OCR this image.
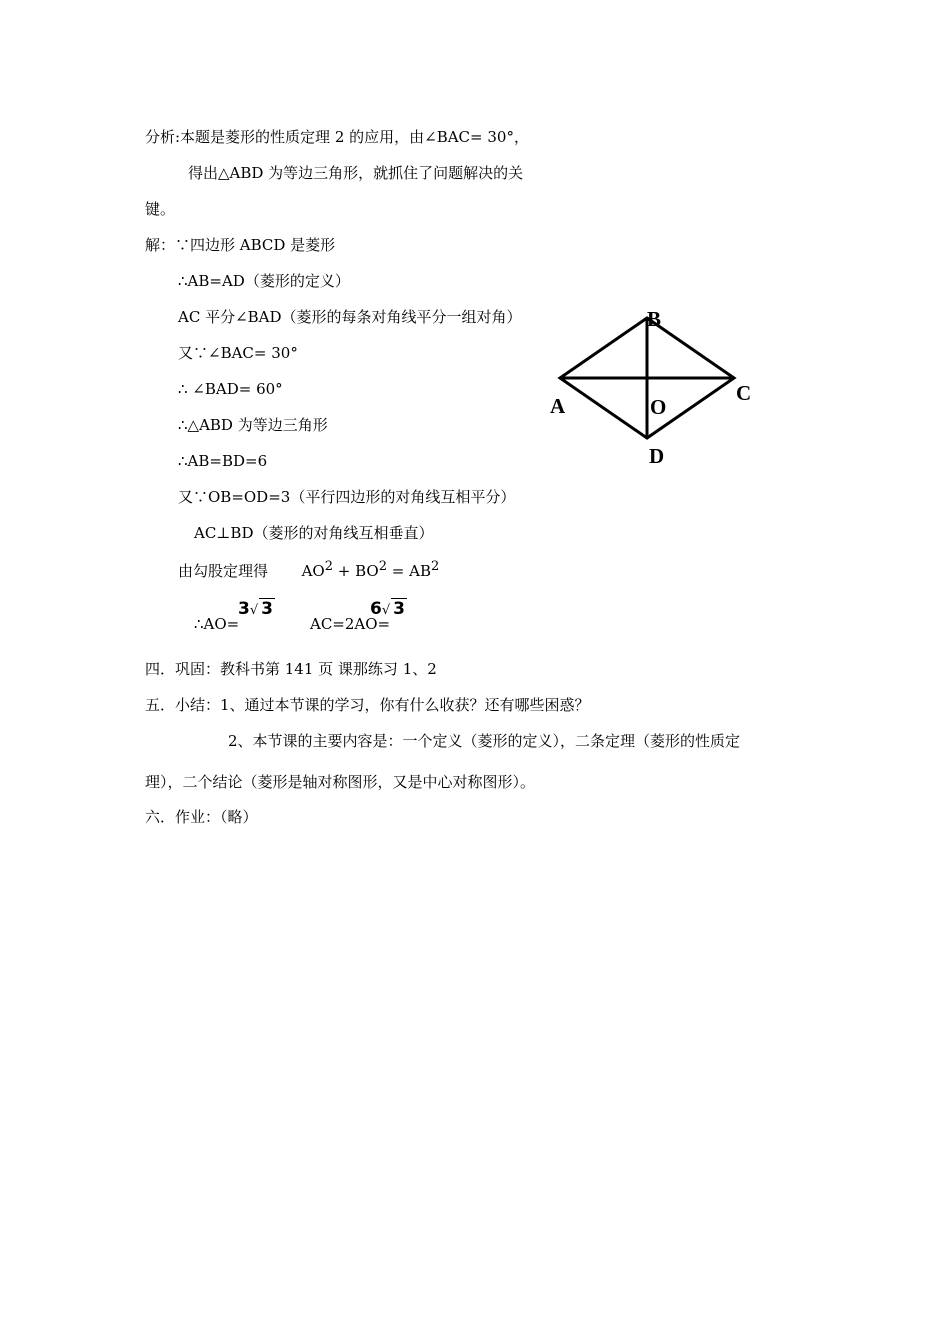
分析:本题是菱形的性质定理 2 的应用，由∠BAC= 30°，
得出△ABD 为等边三角形，就抓住了问题解决的关
键。
解：∵四边形 ABCD 是菱形
∴AB=AD（菱形的定义）
AC 平分∠BAD（菱形的每条对角线平分一组对角）
又∵∠BAC= 30°
∴ ∠BAD= 60°
∴△ABD 为等边三角形
∴AB=BD=6
又∵OB=OD=3（平行四边形的对角线互相平分）
AC⊥BD（菱形的对角线互相垂直）
由勾股定理得 $AO^2 + BO^2 = AB^2$
∴AO=
3√ 3
AC=2AO=
6√ 3
A
B
C
D
O
四．巩固：教科书第 141 页 课那练习 1、2
五．小结：1、通过本节课的学习，你有什么收获？还有哪些困惑？
2、本节课的主要内容是：一个定义（菱形的定义），二条定理（菱形的性质定
理），二个结论（菱形是轴对称图形，又是中心对称图形）。
六．作业：（略）
